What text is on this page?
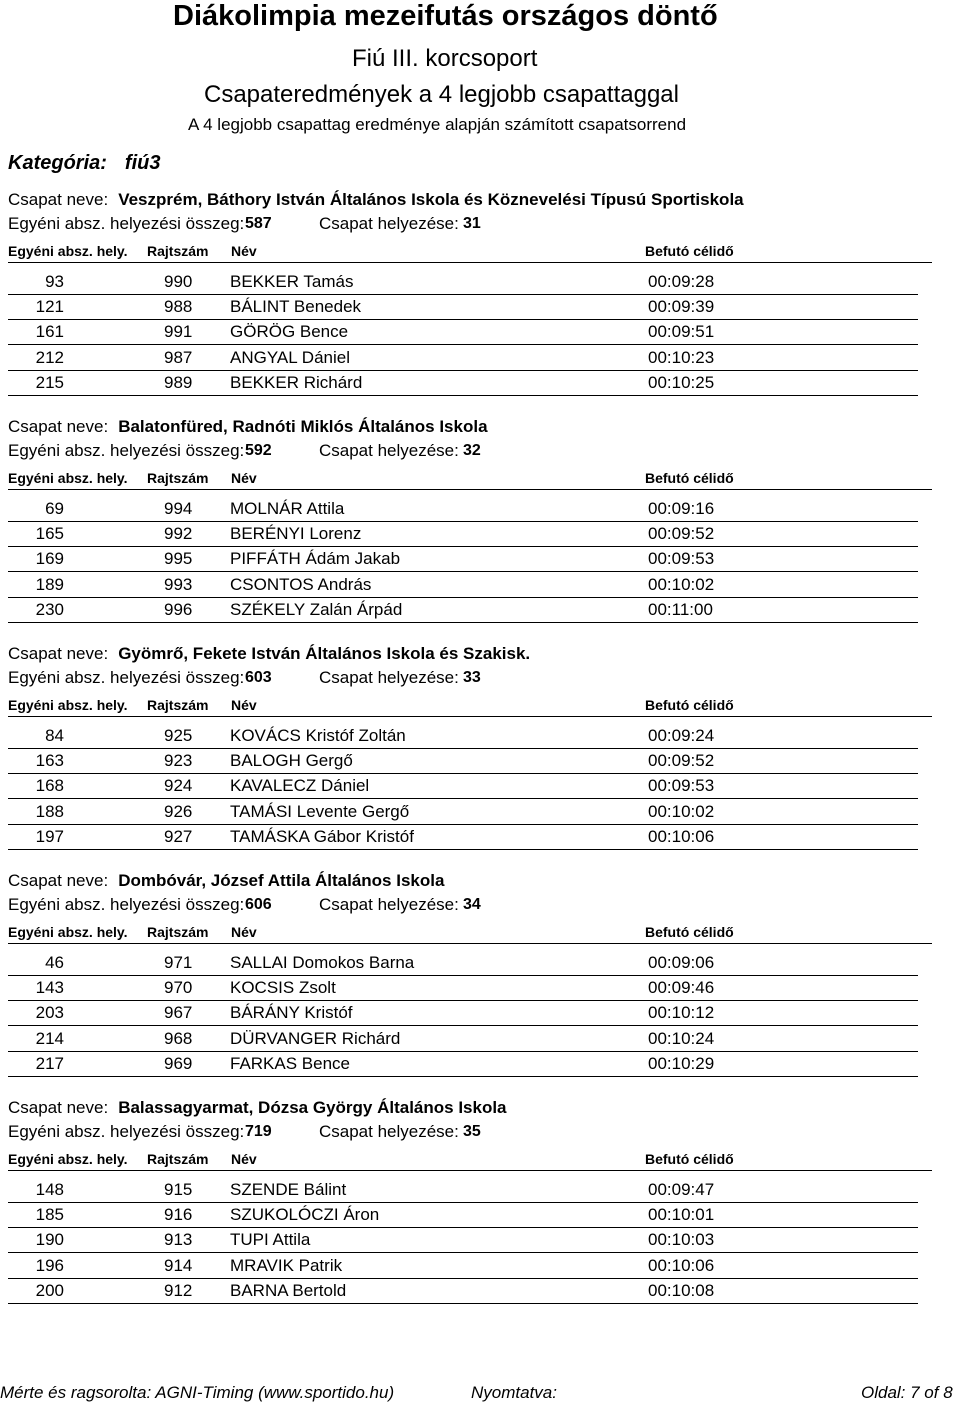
Diákolimpia mezeifutás országos döntő
Fiú III. korcsoport
Csapateredmények a 4 legjobb csapattaggal
A 4 legjobb csapattag eredménye alapján számított csapatsorrend
Kategória: fiú3
Csapat neve: Veszprém, Báthory István Általános Iskola és Köznevelési Típusú Sportiskola
Egyéni absz. helyezési összeg: 587	Csapat helyezése: 31
Egyéni absz. hely. Rajtszám Név	Befutó célidő
93	990 BEKKER Tamás	00:09:28
121	988 BÁLINT Benedek	00:09:39
161	991 GÖRÖG Bence	00:09:51
212	987 ANGYAL Dániel	00:10:23
215	989 BEKKER Richárd	00:10:25
Csapat neve: Balatonfüred, Radnóti Miklós Általános Iskola
Egyéni absz. helyezési összeg: 592	Csapat helyezése: 32
Egyéni absz. hely. Rajtszám Név	Befutó célidő
69	994 MOLNÁR Attila	00:09:16
165	992 BERÉNYI Lorenz	00:09:52
169	995 PIFFÁTH Ádám Jakab	00:09:53
189	993 CSONTOS András	00:10:02
230	996 SZÉKELY Zalán Árpád	00:11:00
Csapat neve: Gyömrő, Fekete István Általános Iskola és Szakisk.
Egyéni absz. helyezési összeg: 603	Csapat helyezése: 33
Egyéni absz. hely. Rajtszám Név	Befutó célidő
84	925 KOVÁCS Kristóf Zoltán	00:09:24
163	923 BALOGH Gergő	00:09:52
168	924 KAVALECZ Dániel	00:09:53
188	926 TAMÁSI Levente Gergő	00:10:02
197	927 TAMÁSKA Gábor Kristóf	00:10:06
Csapat neve: Dombóvár, József Attila Általános Iskola
Egyéni absz. helyezési összeg: 606	Csapat helyezése: 34
Egyéni absz. hely. Rajtszám Név	Befutó célidő
46	971 SALLAI Domokos Barna	00:09:06
143	970 KOCSIS Zsolt	00:09:46
203	967 BÁRÁNY Kristóf	00:10:12
214	968 DÜRVANGER Richárd	00:10:24
217	969 FARKAS Bence	00:10:29
Csapat neve: Balassagyarmat, Dózsa György Általános Iskola
Egyéni absz. helyezési összeg: 719	Csapat helyezése: 35
Egyéni absz. hely. Rajtszám Név	Befutó célidő
148	915 SZENDE Bálint	00:09:47
185	916 SZUKOLÓCZI Áron	00:10:01
190	913 TUPI Attila	00:10:03
196	914 MRAVIK Patrik	00:10:06
200	912 BARNA Bertold	00:10:08
Mérte és ragsorolta: AGNI-Timing (www.sportido.hu)	Nyomtatva:	Oldal: 7 of 8
